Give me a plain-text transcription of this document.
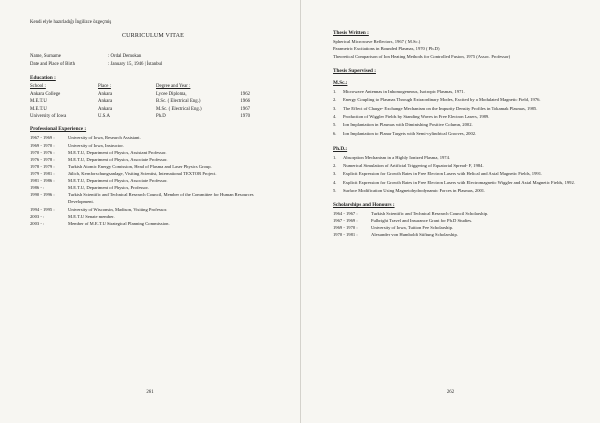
Kendi elyle hazırladığı İngilizce özgeçmiş
CURRICULUM VITAE
Name, Surname	: Ordal Demokan
Date and Place of Birth	: January 15, 1946 | İstanbul
Education :
School :	Place :	Degree and Year :
Ankara College	Ankara	Lycee Diploma,	1962
M.E.T.U	Ankara	B.Sc. ( Electrical Eng.)	1966
M.E.T.U	Ankara	M.Sc. ( Electrical Eng.)	1967
University of Iowa	U.S.A	Ph.D	1970
Professional Experience :
1967 - 1969 :	University of Iowa, Research Assistant.
1969 - 1970 :	University of Iowa, Instructor.
1970 - 1976 :	M.E.T.U, Department of Physics, Assistant Professor.
1976 - 1978 :	M.E.T.U, Department of Physics, Associate Professor.
1978 - 1979 :	Turkish Atomic Energy Comission, Head of Plasma and Laser Physics Group.
1979 - 1981 :	Jülich, Kernforschungsanlage, Visiting Scientist, International TEXTOR Project.
1981 - 1986 :	M.E.T.U, Department of Physics, Associate Professor.
1986 - :	M.E.T.U, Department of Physics, Professor.
1990 - 1996 :	Turkish Scientific and Technical Research Council, Member of the Committee for Human Resources Development.
1994 - 1995 :	University of Wisconsin, Madison, Visiting Professor.
2003 - :	M.E.T.U Senate member.
2003 - :	Member of M.E.T.U Strategical Planning Commission.
261
Thesis Written :
Spherical Microwave Reflectors, 1967 ( M.Sc.)
Parametric Excitations in Bounded Plasmas, 1970 ( Ph.D)
Theoretical Comparison of Ion Heating Methods for Controlled Fusion, 1975 (Assoc. Professor)
Thesis Supervised :
M.Sc.:
1.	Microwave Antennas in Inhomogeneous, Isotropic Plasmas, 1971.
2.	Energy Coupling to Plasmas Through Extraordinary Modes, Excited by a Modulated Magnetic Field, 1976.
3.	The Effect of Charge- Exchange Mechanism on the Impurity Density Profiles in Tokamak Plasmas, 1985.
4.	Production of Wiggler Fields by Standing Waves in Free Electron Lasers, 1989.
5.	Ion Implantation in Plasmas with Diminishing Positive Column, 2002.
6.	Ion Implantation to Planar Targets with Semi-cylindrical Grooves, 2002.
Ph.D.:
1.	Absorption Mechanism in a Highly Ionized Plasma, 1974.
2.	Numerical Simulation of Artificial Triggering of Equatorial Spread- F, 1984.
3.	Explicit Expression for Growth Rates in Free Electron Lasers with Helical and Axial Magnetic Fields, 1991.
4.	Explicit Expression for Growth Rates in Free Electron Lasers with Electromagnetic Wiggler and Axial Magnetic Fields, 1992.
5.	Surface Modification Using Magnetohydrodynamic Forces in Plasmas, 2001.
Scholarships and Honours :
1964 - 1967 :	Turkish Scientific and Technical Research Council Scholarship.
1967 - 1969 :	Fulbright Travel and Insurance Grant for Ph.D Studies.
1969 - 1970 :	University of Iowa, Tuition Fee Scholarship.
1970 - 1981 :	Alexander von Humboldt Stiftung Scholarship.
262
